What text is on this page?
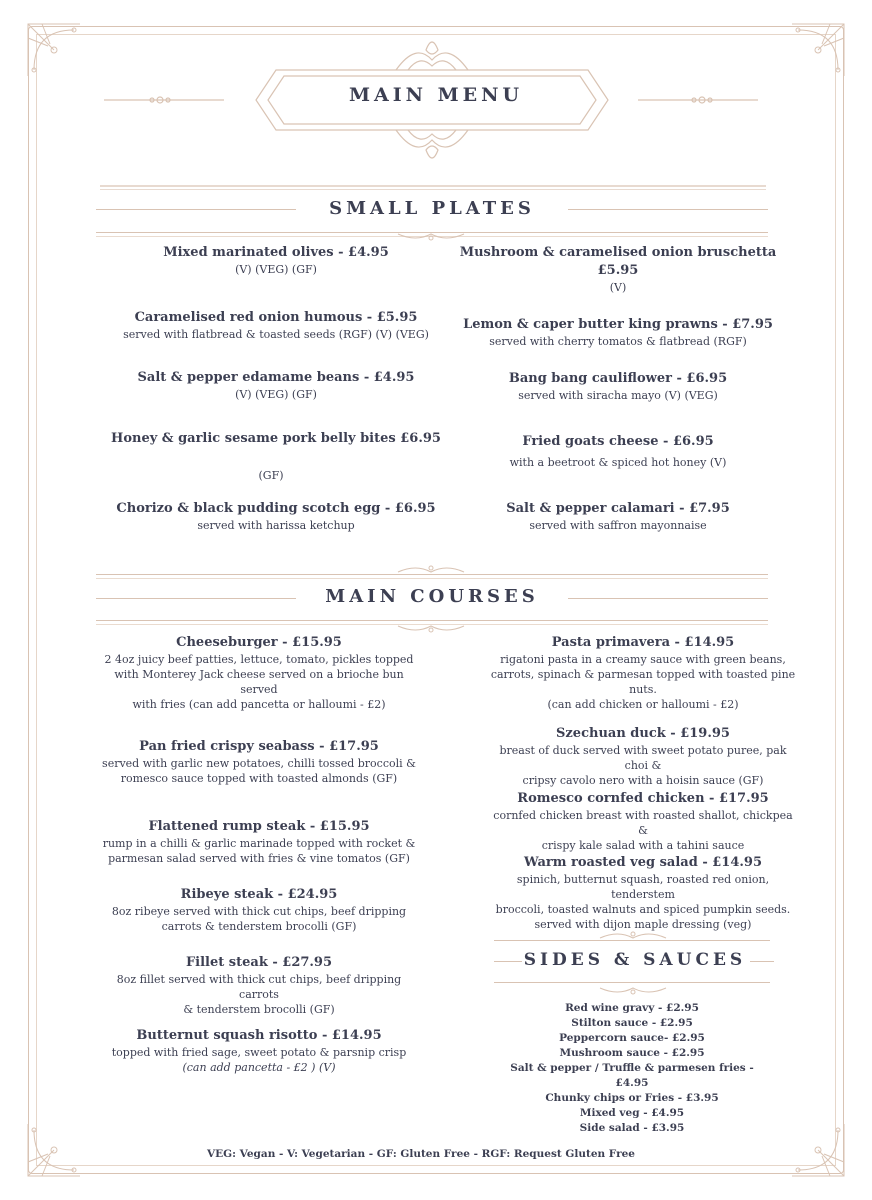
MAIN MENU
SMALL PLATES
Mixed marinated olives - £4.95
(V) (VEG) (GF)
Caramelised red onion humous - £5.95
served with flatbread & toasted seeds (RGF) (V) (VEG)
Salt & pepper edamame beans - £4.95
(V) (VEG) (GF)
Honey & garlic sesame pork belly bites £6.95
(GF)
Chorizo & black pudding scotch egg - £6.95
served with harissa ketchup
Mushroom & caramelised onion bruschetta
£5.95
(V)
Lemon & caper butter king prawns - £7.95
served with cherry tomatos & flatbread (RGF)
Bang bang cauliflower - £6.95
served with siracha mayo (V) (VEG)
Fried goats cheese - £6.95
with a beetroot & spiced hot honey (V)
Salt & pepper calamari - £7.95
served with saffron mayonnaise
MAIN COURSES
Cheeseburger - £15.95
2 4oz juicy beef patties, lettuce, tomato, pickles topped
with Monterey Jack cheese served on a brioche bun served
with fries (can add pancetta or halloumi - £2)
Pan fried crispy seabass - £17.95
served with garlic new potatoes, chilli tossed broccoli &
romesco sauce topped with toasted almonds (GF)
Flattened rump steak - £15.95
rump in a chilli & garlic marinade topped with rocket &
parmesan salad served with fries & vine tomatos (GF)
Ribeye steak - £24.95
8oz ribeye served with thick cut chips, beef dripping
carrots & tenderstem brocolli (GF)
Fillet steak - £27.95
8oz fillet served with thick cut chips, beef dripping carrots
& tenderstem brocolli (GF)
Butternut squash risotto - £14.95
topped with fried sage, sweet potato & parsnip crisp
(can add pancetta - £2 ) (V)
Pasta primavera - £14.95
rigatoni pasta in a creamy sauce with green beans,
carrots, spinach & parmesan topped with toasted pine
nuts.
(can add chicken or halloumi - £2)
Szechuan duck - £19.95
breast of duck served with sweet potato puree, pak choi &
cripsy cavolo nero with a hoisin sauce (GF)
Romesco cornfed chicken - £17.95
cornfed chicken breast with roasted shallot, chickpea &
crispy kale salad with a tahini sauce
Warm roasted veg salad - £14.95
spinich, butternut squash, roasted red onion, tenderstem
broccoli, toasted walnuts and spiced pumpkin seeds.
served with dijon maple dressing (veg)
SIDES & SAUCES
Red wine gravy - £2.95
Stilton sauce - £2.95
Peppercorn sauce- £2.95
Mushroom sauce - £2.95
Salt & pepper / Truffle & parmesen fries - £4.95
Chunky chips or Fries - £3.95
Mixed veg - £4.95
Side salad - £3.95
VEG: Vegan - V: Vegetarian - GF: Gluten Free - RGF: Request Gluten Free
